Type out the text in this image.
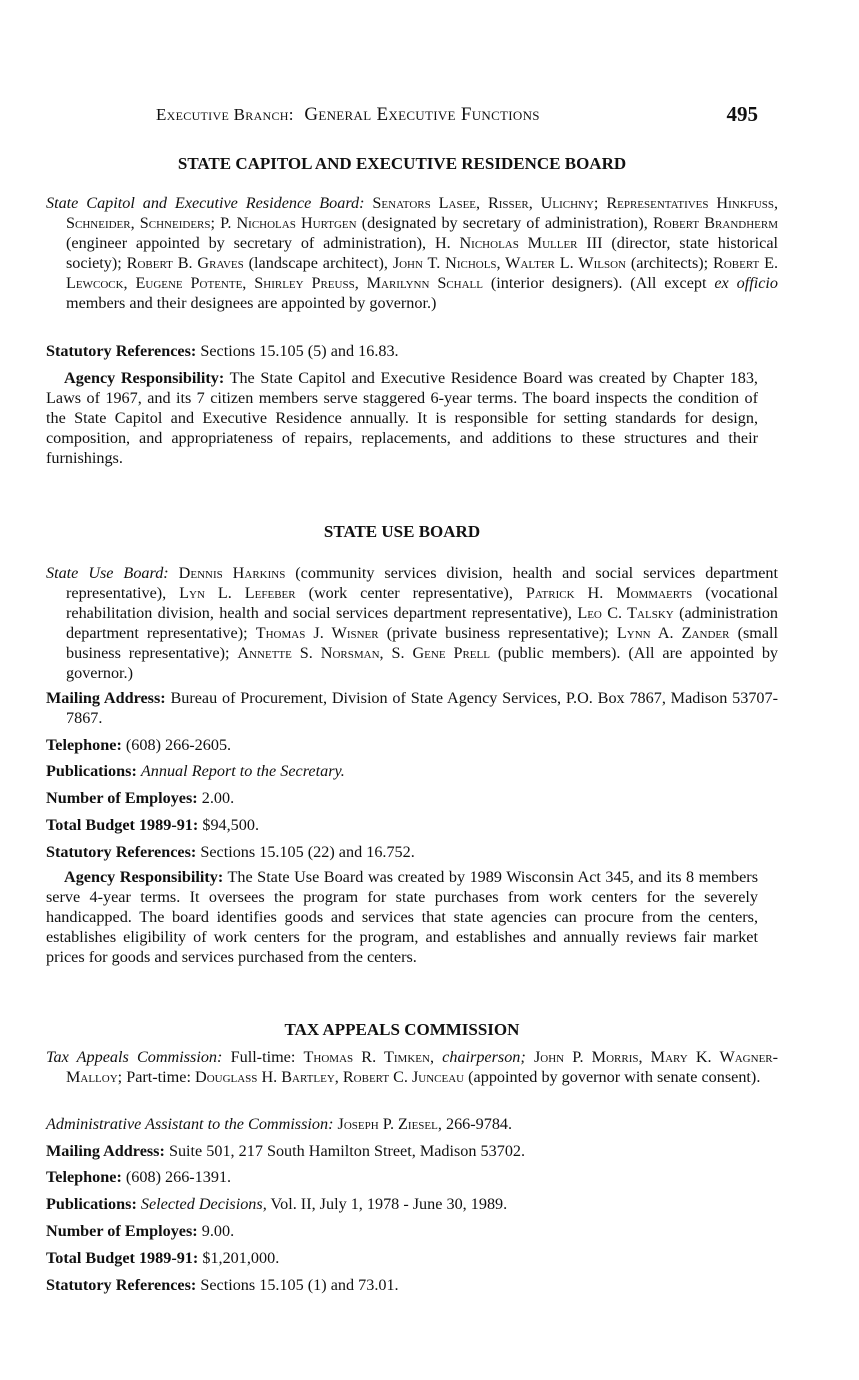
Executive Branch: General Executive Functions	495
STATE CAPITOL AND EXECUTIVE RESIDENCE BOARD

State Capitol and Executive Residence Board: Senators Lasee, Risser, Ulichny; Representatives Hinkfuss, Schneider, Schneiders; P. Nicholas Hurtgen (designated by secretary of administration), Robert Brandherm (engineer appointed by secretary of administration), H. Nicholas Muller III (director, state historical society); Robert B. Graves (landscape architect), John T. Nichols, Walter L. Wilson (architects); Robert E. Lewcock, Eugene Potente, Shirley Preuss, Marilynn Schall (interior designers). (All except ex officio members and their designees are appointed by governor.)

Statutory References: Sections 15.105 (5) and 16.83.

Agency Responsibility: The State Capitol and Executive Residence Board was created by Chapter 183, Laws of 1967, and its 7 citizen members serve staggered 6-year terms. The board inspects the condition of the State Capitol and Executive Residence annually. It is responsible for setting standards for design, composition, and appropriateness of repairs, replacements, and additions to these structures and their furnishings.

STATE USE BOARD

State Use Board: Dennis Harkins (community services division, health and social services department representative), Lyn L. Lefeber (work center representative), Patrick H. Mommaerts (vocational rehabilitation division, health and social services department representative), Leo C. Talsky (administration department representative); Thomas J. Wisner (private business representative); Lynn A. Zander (small business representative); Annette S. Norsman, S. Gene Prell (public members). (All are appointed by governor.)

Mailing Address: Bureau of Procurement, Division of State Agency Services, P.O. Box 7867, Madison 53707-7867.

Telephone: (608) 266-2605.

Publications: Annual Report to the Secretary.

Number of Employes: 2.00.

Total Budget 1989-91: $94,500.

Statutory References: Sections 15.105 (22) and 16.752.

Agency Responsibility: The State Use Board was created by 1989 Wisconsin Act 345, and its 8 members serve 4-year terms. It oversees the program for state purchases from work centers for the severely handicapped. The board identifies goods and services that state agencies can procure from the centers, establishes eligibility of work centers for the program, and establishes and annually reviews fair market prices for goods and services purchased from the centers.

TAX APPEALS COMMISSION

Tax Appeals Commission: Full-time: Thomas R. Timken, chairperson; John P. Morris, Mary K. Wagner-Malloy; Part-time: Douglass H. Bartley, Robert C. Junceau (appointed by governor with senate consent).

Administrative Assistant to the Commission: Joseph P. Ziesel, 266-9784.

Mailing Address: Suite 501, 217 South Hamilton Street, Madison 53702.

Telephone: (608) 266-1391.

Publications: Selected Decisions, Vol. II, July 1, 1978 - June 30, 1989.

Number of Employes: 9.00.

Total Budget 1989-91: $1,201,000.

Statutory References: Sections 15.105 (1) and 73.01.
